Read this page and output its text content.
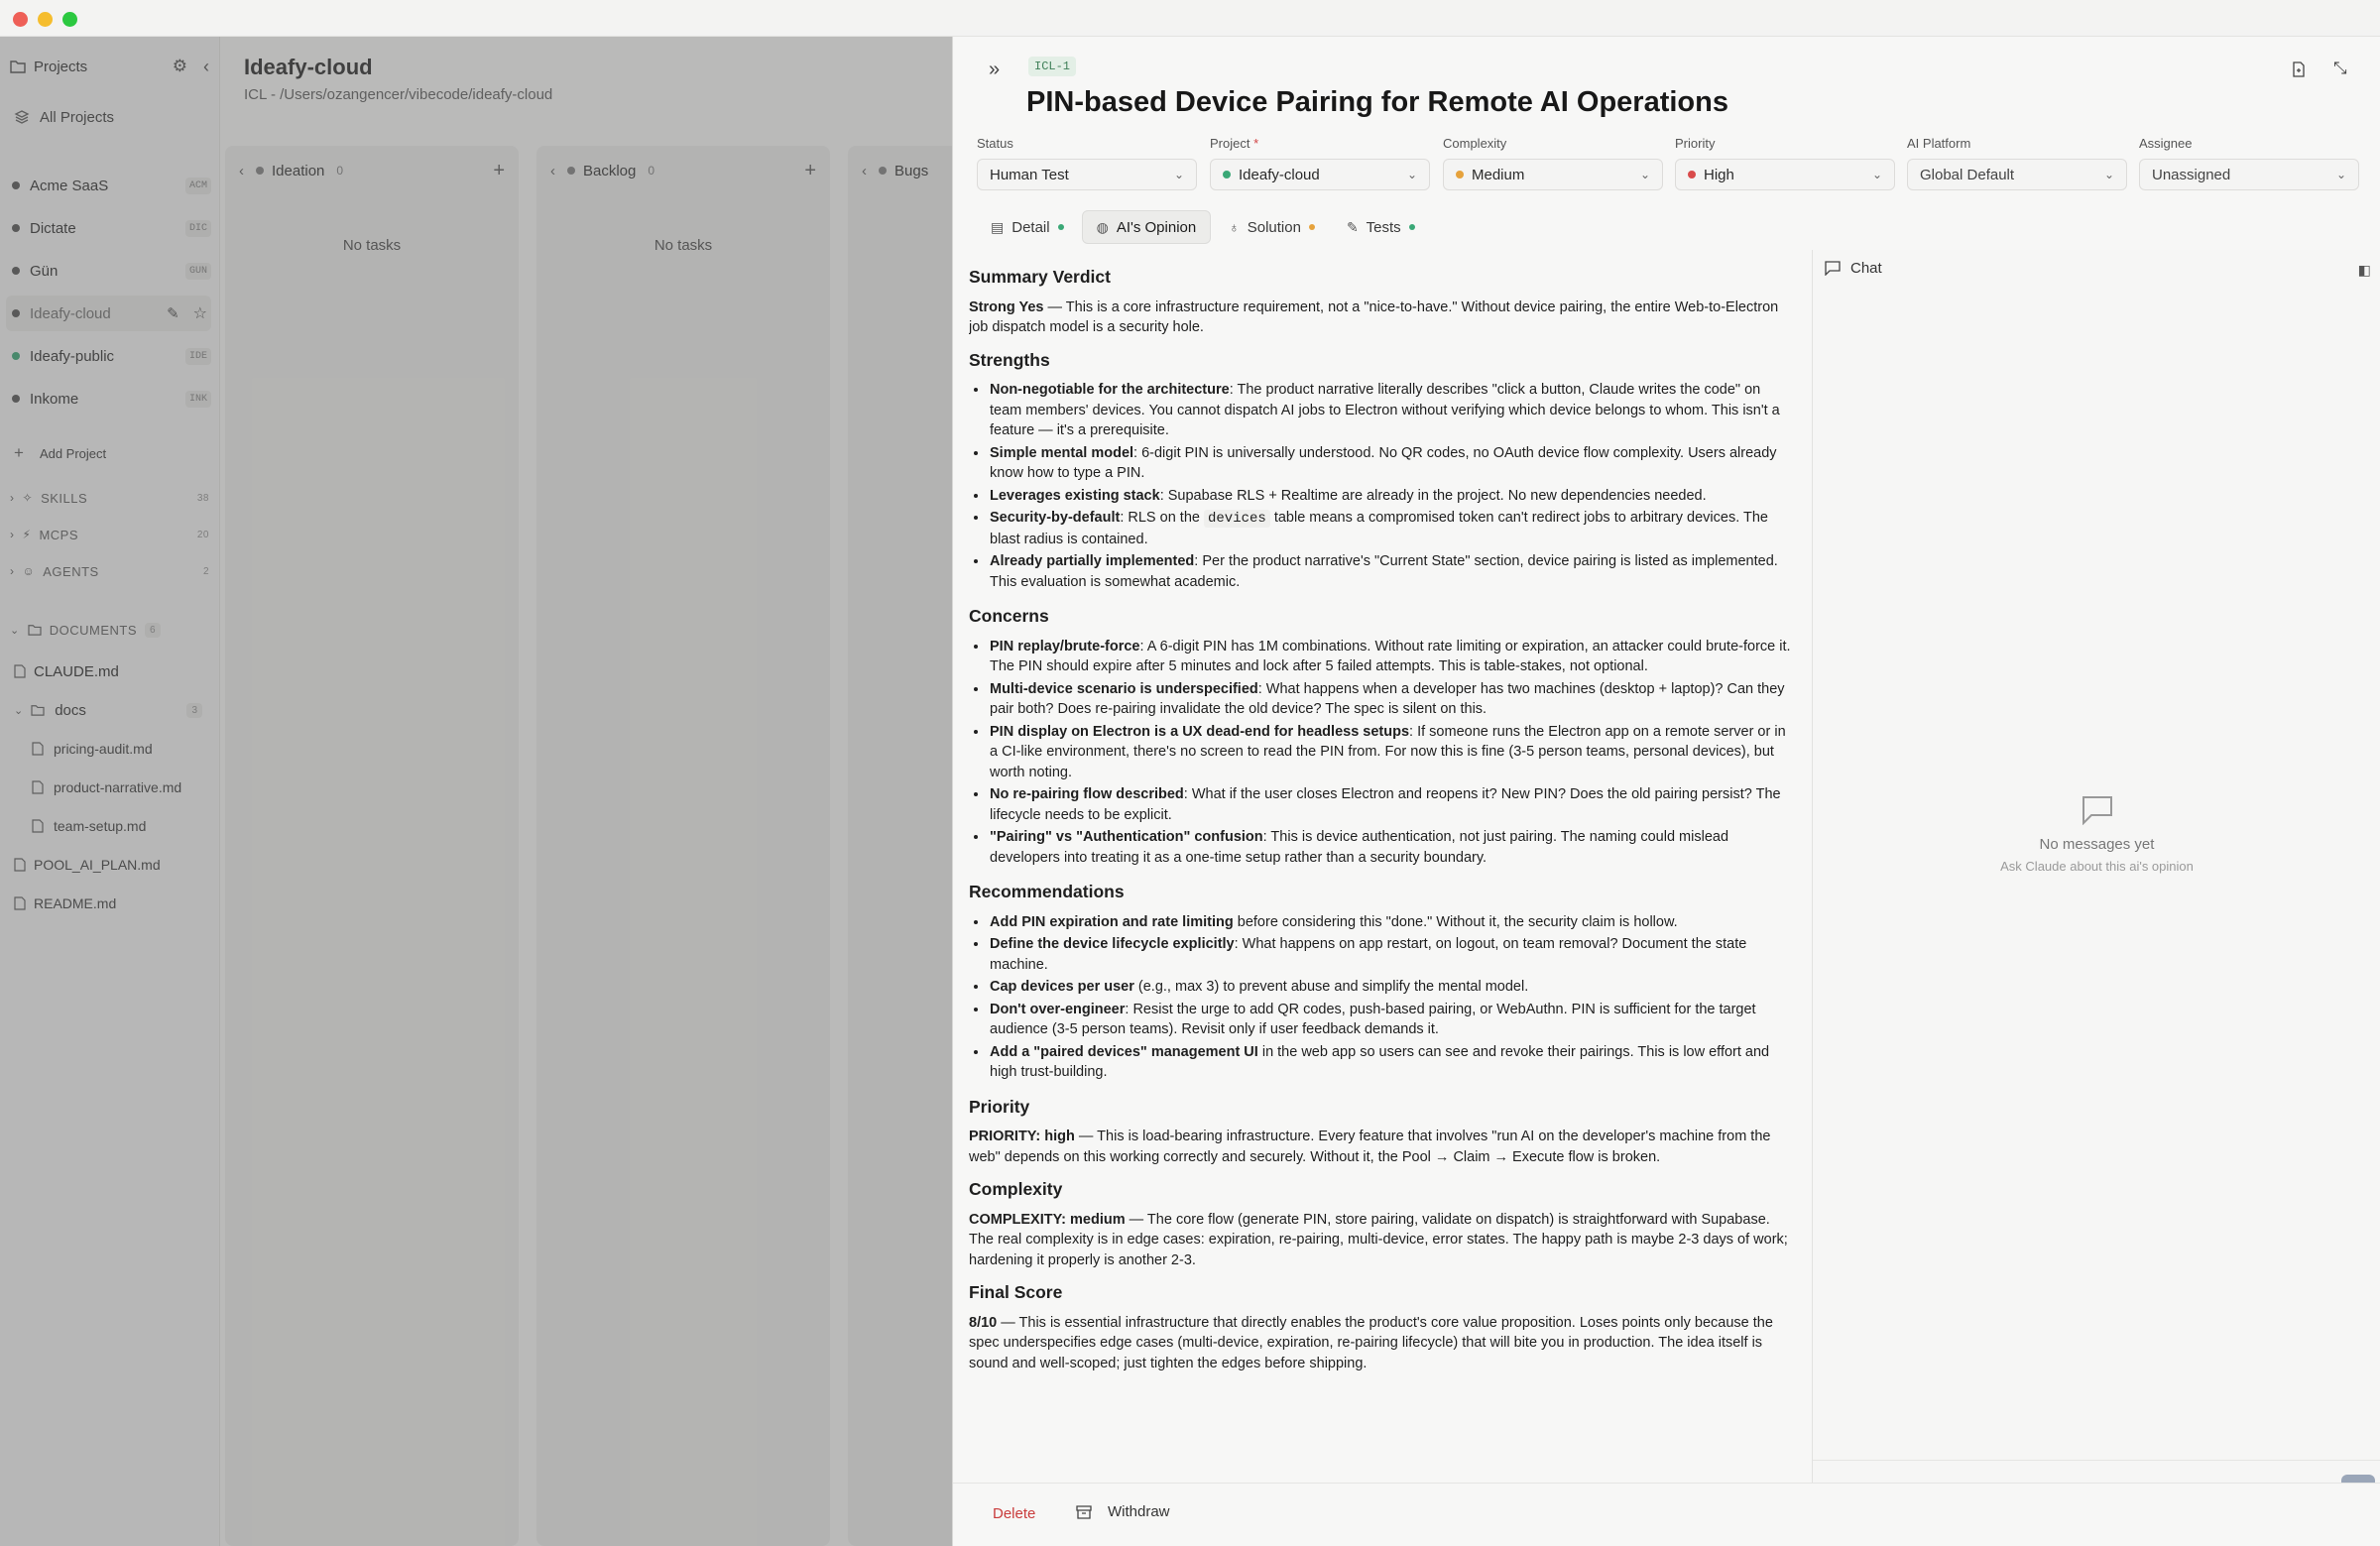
Projects	⚙ ‹
All Projects
Acme SaaS	ACM
Dictate	DIC
Gün	GUN
Ideafy-cloud	✎ ☆
Ideafy-public	IDE
Inkome	INK
+ Add Project
› ✧ SKILLS	38
› ⚡ MCPS	20
› ☺ AGENTS	2
⌄ DOCUMENTS	6
CLAUDE.md
⌄ docs	3
pricing-audit.md
product-narrative.md
team-setup.md
POOL_AI_PLAN.md
README.md
Ideafy-cloud
ICL - /Users/ozangencer/vibecode/ideafy-cloud
‹ Ideation 0	+
No tasks
‹ Backlog 0	+
No tasks
‹ Bugs
»	ICL-1	⤡
PIN-based Device Pairing for Remote AI Operations
Status	Project *	Complexity	Priority	AI Platform	Assignee
Human Test	⌄	Ideafy-cloud	⌄	Medium	⌄	High	⌄	Global Default	⌄	Unassigned	⌄
▤ Detail	◍ AI's Opinion ♁ Solution	✎ Tests
Summary Verdict

Strong Yes — This is a core infrastructure requirement, not a "nice-to-have." Without device pairing, the entire Web-to-Electron job dispatch model is a security hole.

Strengths
• Non-negotiable for the architecture: The product narrative literally describes "click a button, Claude writes the code" on team members' devices. You cannot dispatch AI jobs to Electron without verifying which device belongs to whom. This isn't a feature — it's a prerequisite.
• Simple mental model: 6-digit PIN is universally understood. No QR codes, no OAuth device flow complexity. Users already know how to type a PIN.
• Leverages existing stack: Supabase RLS + Realtime are already in the project. No new dependencies needed.
• Security-by-default: RLS on the devices table means a compromised token can't redirect jobs to arbitrary devices. The blast radius is contained.
• Already partially implemented: Per the product narrative's "Current State" section, device pairing is listed as implemented. This evaluation is somewhat academic.
Concerns
• PIN replay/brute-force: A 6-digit PIN has 1M combinations. Without rate limiting or expiration, an attacker could brute-force it. The PIN should expire after 5 minutes and lock after 5 failed attempts. This is table-stakes, not optional.
• Multi-device scenario is underspecified: What happens when a developer has two machines (desktop + laptop)? Can they pair both? Does re-pairing invalidate the old device? The spec is silent on this.
• PIN display on Electron is a UX dead-end for headless setups: If someone runs the Electron app on a remote server or in a CI-like environment, there's no screen to read the PIN from. For now this is fine (3-5 person teams, personal devices), but worth noting.
• No re-pairing flow described: What if the user closes Electron and reopens it? New PIN? Does the old pairing persist? The lifecycle needs to be explicit.
• "Pairing" vs "Authentication" confusion: This is device authentication, not just pairing. The naming could mislead developers into treating it as a one-time setup rather than a security boundary.
Recommendations
• Add PIN expiration and rate limiting before considering this "done." Without it, the security claim is hollow.
• Define the device lifecycle explicitly: What happens on app restart, on logout, on team removal? Document the state machine.
• Cap devices per user (e.g., max 3) to prevent abuse and simplify the mental model.
• Don't over-engineer: Resist the urge to add QR codes, push-based pairing, or WebAuthn. PIN is sufficient for the target audience (3-5 person teams). Revisit only if user feedback demands it.
• Add a "paired devices" management UI in the web app so users can see and revoke their pairings. This is low effort and high trust-building.
Priority

PRIORITY: high — This is load-bearing infrastructure. Every feature that involves "run AI on the developer's machine from the web" depends on this working correctly and securely. Without it, the Pool → Claim → Execute flow is broken.

Complexity

COMPLEXITY: medium — The core flow (generate PIN, store pairing, validate on dispatch) is straightforward with Supabase. The real complexity is in edge cases: expiration, re-pairing, multi-device, error states. The happy path is maybe 2-3 days of work; hardening it properly is another 2-3.

Final Score

8/10 — This is essential infrastructure that directly enables the product's core value proposition. Loses points only because the spec underspecifies edge cases (multi-device, expiration, re-pairing lifecycle) that will bite you in production. The idea itself is sound and well-scoped; just tighten the edges before shipping.

Chat	◧
No messages yet
Ask Claude about this ai's opinion
Add test scenarios...
Delete	Withdraw
